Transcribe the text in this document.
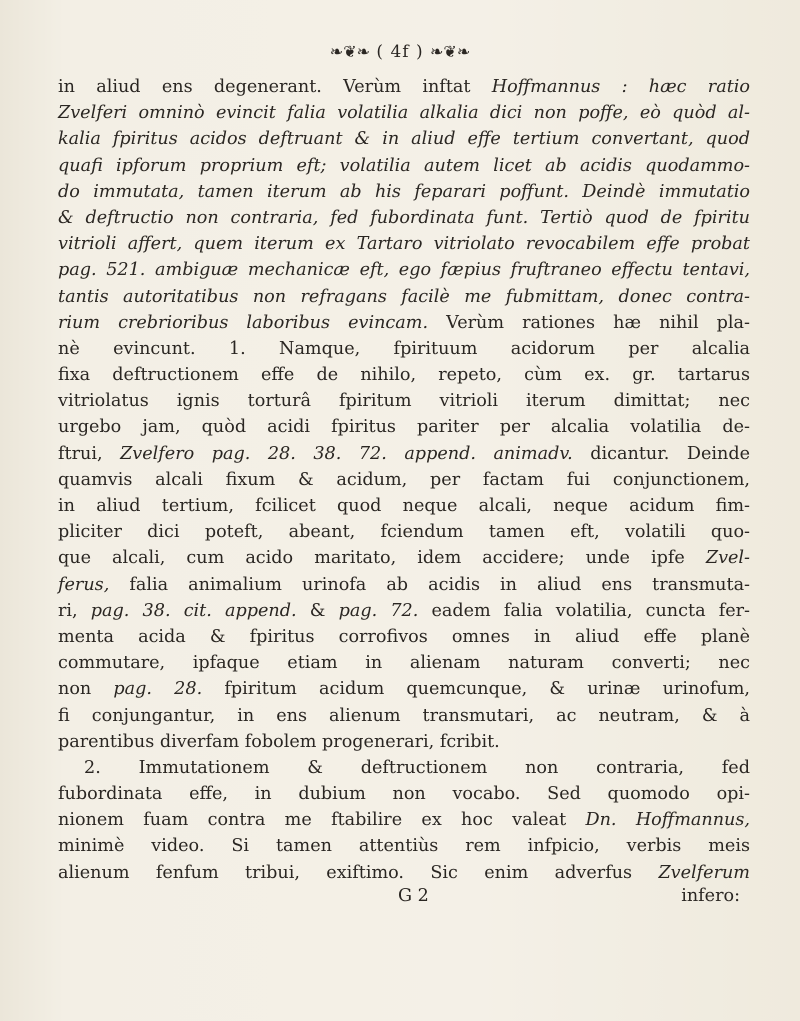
❧❦❧ ( 4f ) ❧❦❧
in aliud ens degenerant. Verùm inftat Hoffmannus : hæc ratio
Zvelferi omninò evincit falia volatilia alkalia dici non poffe, eò quòd al-
kalia fpiritus acidos deftruant & in aliud effe tertium convertant, quod
quafi ipforum proprium eft; volatilia autem licet ab acidis quodammo-
do immutata, tamen iterum ab his feparari poffunt. Deindè immutatio
& deftructio non contraria, fed fubordinata funt. Tertiò quod de fpiritu
vitrioli affert, quem iterum ex Tartaro vitriolato revocabilem effe probat
pag. 521. ambiguæ mechanicæ eft, ego fæpius fruftraneo effectu tentavi,
tantis autoritatibus non refragans facilè me fubmittam, donec contra-
rium crebrioribus laboribus evincam. Verùm rationes hæ nihil pla-
nè evincunt. 1. Namque, fpirituum acidorum per alcalia
fixa deftructionem effe de nihilo, repeto, cùm ex. gr. tartarus
vitriolatus ignis torturâ fpiritum vitrioli iterum dimittat; nec
urgebo jam, quòd acidi fpiritus pariter per alcalia volatilia de-
ftrui, Zvelfero pag. 28. 38. 72. append. animadv. dicantur. Deinde
quamvis alcali fixum & acidum, per factam fui conjunctionem,
in aliud tertium, fcilicet quod neque alcali, neque acidum fim-
pliciter dici poteft, abeant, fciendum tamen eft, volatili quo-
que alcali, cum acido maritato, idem accidere; unde ipfe Zvel-
ferus, falia animalium urinofa ab acidis in aliud ens transmuta-
ri, pag. 38. cit. append. & pag. 72. eadem falia volatilia, cuncta fer-
menta acida & fpiritus corrofivos omnes in aliud effe planè
commutare, ipfaque etiam in alienam naturam converti; nec
non pag. 28. fpiritum acidum quemcunque, & urinæ urinofum,
fi conjungantur, in ens alienum transmutari, ac neutram, & à
parentibus diverfam fobolem progenerari, fcribit.
2. Immutationem & deftructionem non contraria, fed
fubordinata effe, in dubium non vocabo. Sed quomodo opi-
nionem fuam contra me ftabilire ex hoc valeat Dn. Hoffmannus,
minimè video. Si tamen attentiùs rem infpicio, verbis meis
alienum fenfum tribui, exiftimo. Sic enim adverfus Zvelferum
G 2	infero:
